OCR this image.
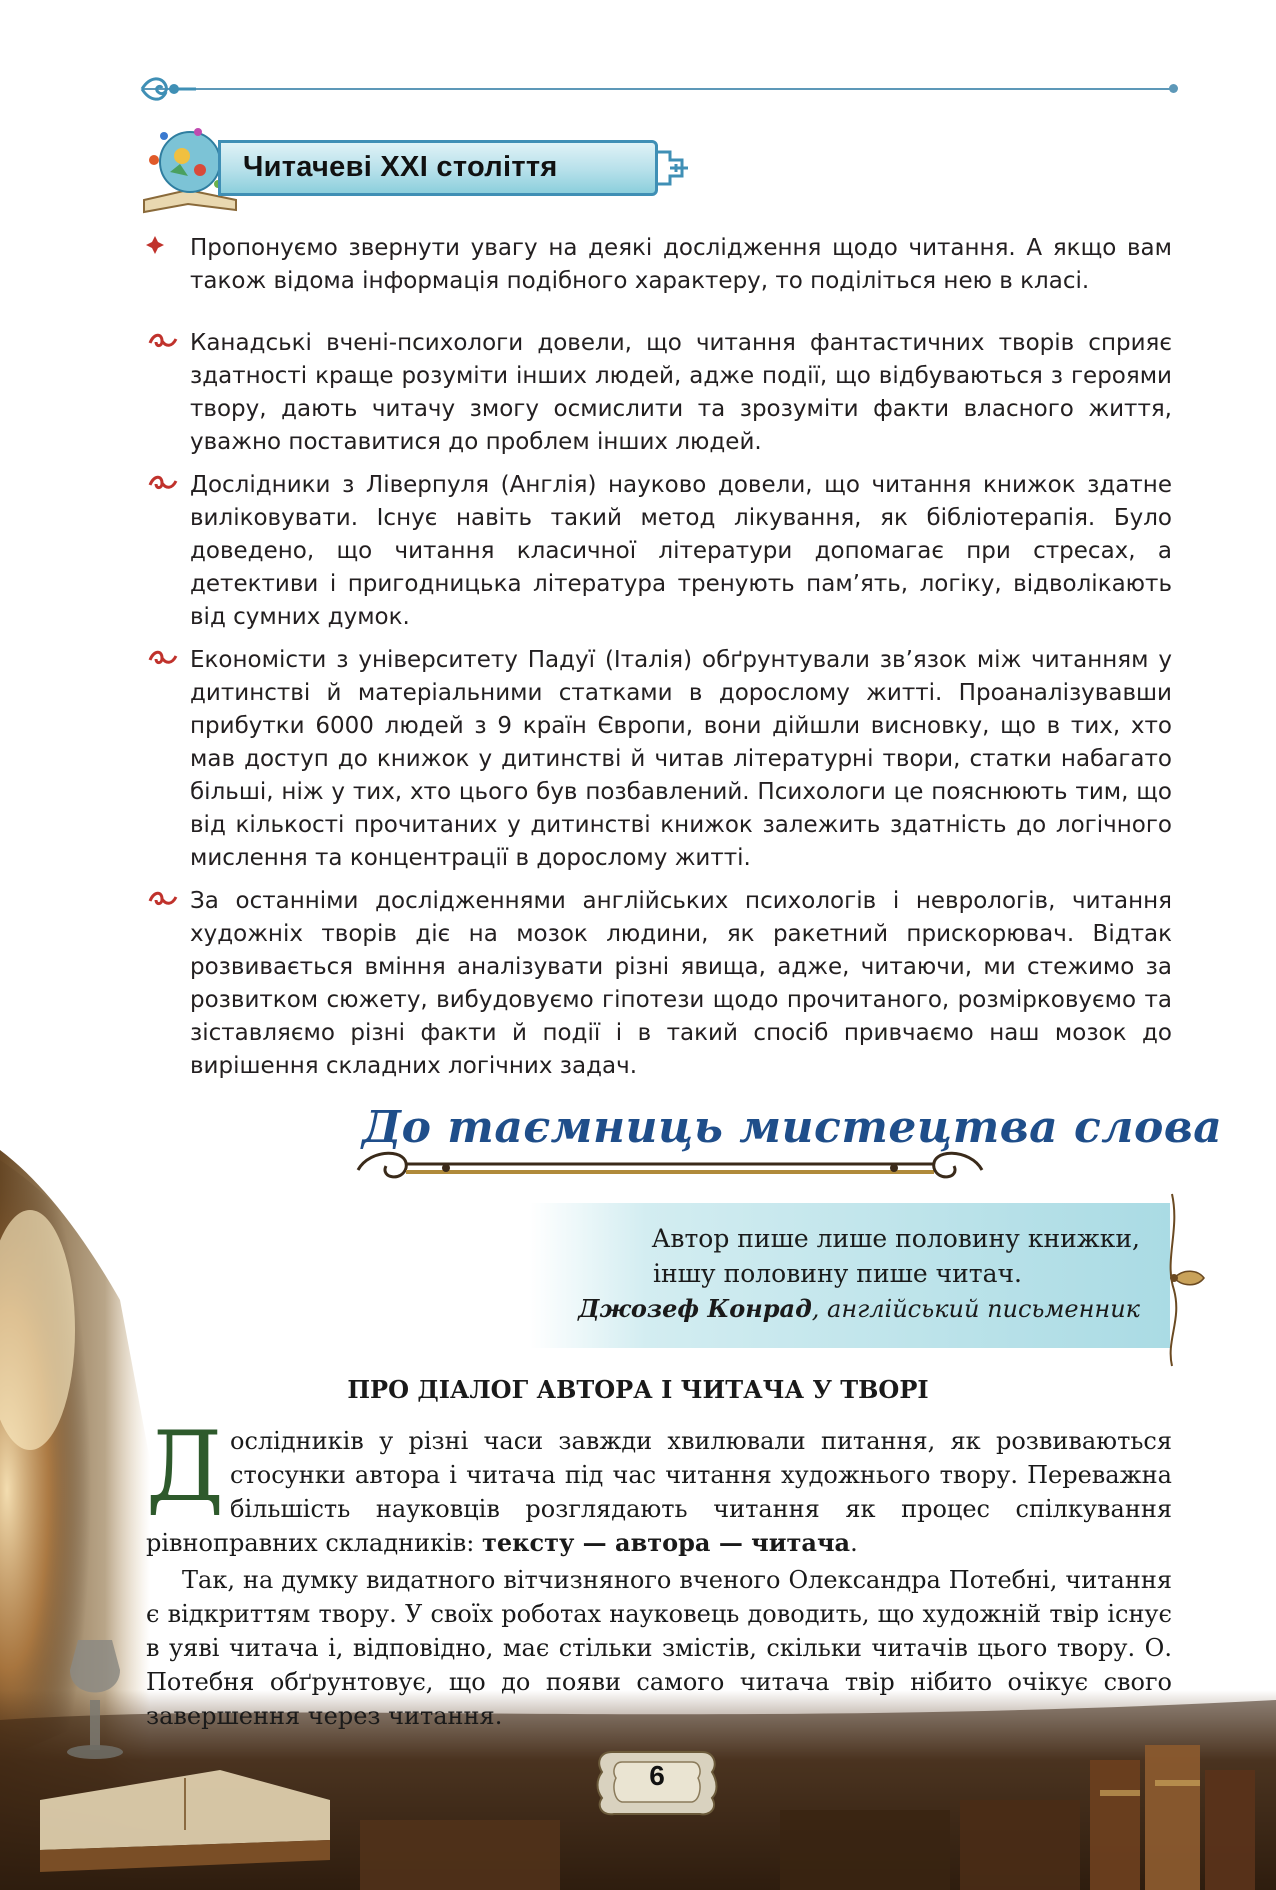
Читачеві ХХІ століття

Пропонуємо звернути увагу на деякі дослідження щодо читання. А якщо вам також відома інформація подібного характеру, то поділіться нею в класі.

Канадські вчені-психологи довели, що читання фантастичних творів сприяє здатності краще розуміти інших людей, адже події, що відбуваються з героями твору, дають читачу змогу осмислити та зрозуміти факти власного життя, уважно поставитися до проблем інших людей.

Дослідники з Ліверпуля (Англія) науково довели, що читання книжок здатне виліковувати. Існує навіть такий метод лікування, як бібліотерапія. Було доведено, що читання класичної літератури допомагає при стресах, а детективи і пригодницька література тренують пам’ять, логіку, відволікають від сумних думок.

Економісти з університету Падуї (Італія) обґрунтували зв’язок між читанням у дитинстві й матеріальними статками в дорослому житті. Проаналізувавши прибутки 6000 людей з 9 країн Європи, вони дійшли висновку, що в тих, хто мав доступ до книжок у дитинстві й читав літературні твори, статки набагато більші, ніж у тих, хто цього був позбавлений. Психологи це пояснюють тим, що від кількості прочитаних у дитинстві книжок залежить здатність до логічного мислення та концентрації в дорослому житті.

За останніми дослідженнями англійських психологів і неврологів, читання художніх творів діє на мозок людини, як ракетний прискорювач. Відтак розвивається вміння аналізувати різні явища, адже, читаючи, ми стежимо за розвитком сюжету, вибудовуємо гіпотези щодо прочитаного, розмірковуємо та зіставляємо різні факти й події і в такий спосіб привчаємо наш мозок до вирішення складних логічних задач.

До таємниць мистецтва слова

Автор пише лише половину книжки,
іншу половину пише читач.
Джозеф Конрад, англійський письменник

ПРО ДІАЛОГ АВТОРА І ЧИТАЧА У ТВОРІ

Дослідників у різні часи завжди хвилювали питання, як розвиваються стосунки автора і читача під час читання художнього твору. Переважна більшість науковців розглядають читання як процес спілкування рівноправних складників: тексту — автора — читача.

Так, на думку видатного вітчизняного вченого Олександра Потебні, читання є відкриттям твору. У своїх роботах науковець доводить, що художній твір існує в уяві читача і, відповідно, має стільки змістів, скільки читачів цього твору. О. Потебня обґрунтовує, що до появи самого читача твір нібито очікує свого завершення через читання.

6
